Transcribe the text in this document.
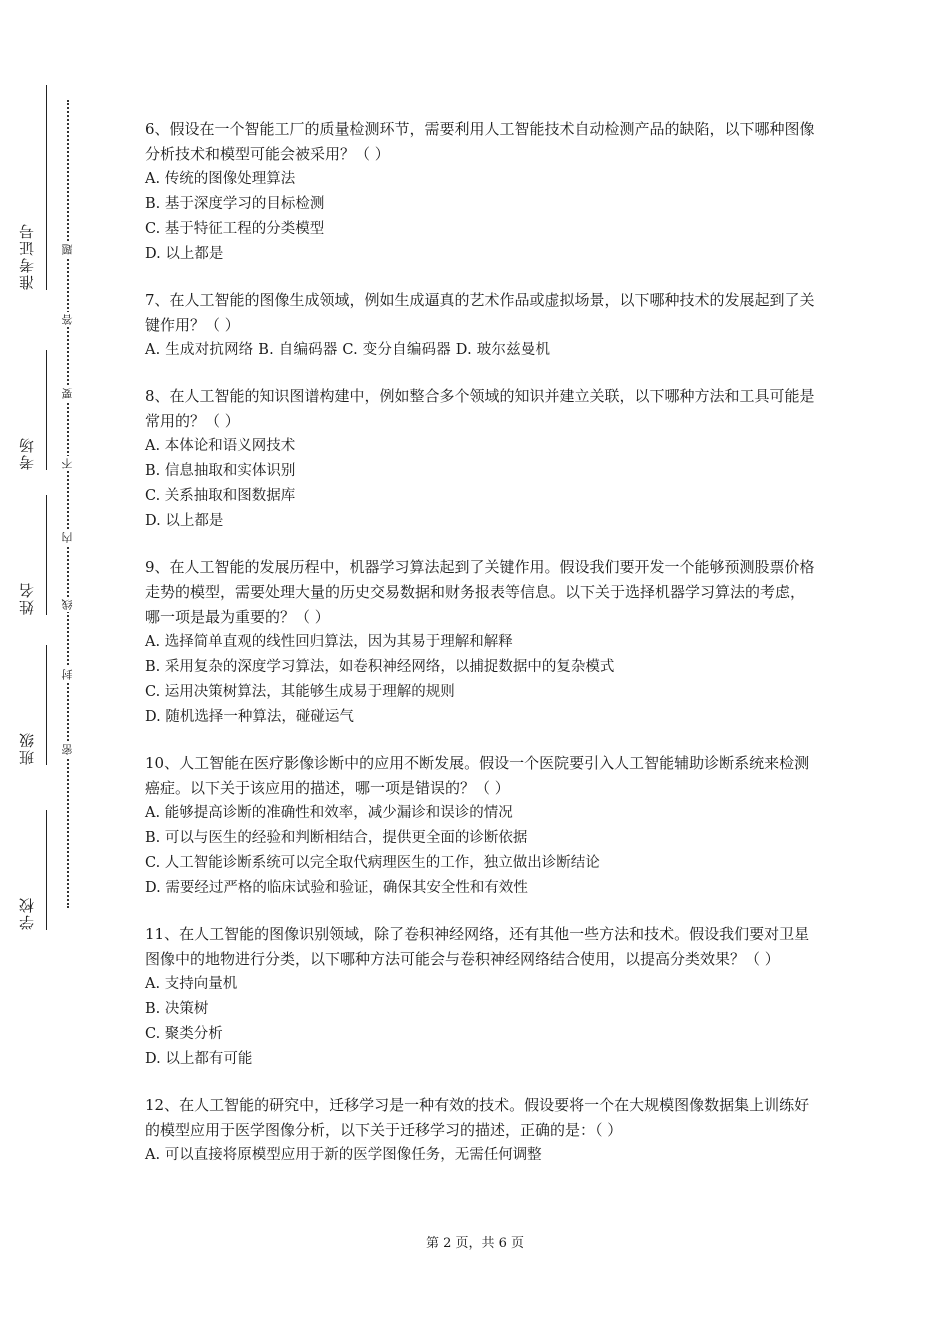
准考证号
考场
姓名
班级
学校
密
封
线
内
不
要
答
题

6、假设在一个智能工厂的质量检测环节，需要利用人工智能技术自动检测产品的缺陷，以下哪种图像分析技术和模型可能会被采用？（ ）

A. 传统的图像处理算法

B. 基于深度学习的目标检测

C. 基于特征工程的分类模型

D. 以上都是

7、在人工智能的图像生成领域，例如生成逼真的艺术作品或虚拟场景，以下哪种技术的发展起到了关键作用？（ ）

A. 生成对抗网络 B. 自编码器 C. 变分自编码器 D. 玻尔兹曼机

8、在人工智能的知识图谱构建中，例如整合多个领域的知识并建立关联，以下哪种方法和工具可能是常用的？（ ）

A. 本体论和语义网技术

B. 信息抽取和实体识别

C. 关系抽取和图数据库

D. 以上都是

9、在人工智能的发展历程中，机器学习算法起到了关键作用。假设我们要开发一个能够预测股票价格走势的模型，需要处理大量的历史交易数据和财务报表等信息。以下关于选择机器学习算法的考虑，哪一项是最为重要的？（ ）

A. 选择简单直观的线性回归算法，因为其易于理解和解释

B. 采用复杂的深度学习算法，如卷积神经网络，以捕捉数据中的复杂模式

C. 运用决策树算法，其能够生成易于理解的规则

D. 随机选择一种算法，碰碰运气

10、人工智能在医疗影像诊断中的应用不断发展。假设一个医院要引入人工智能辅助诊断系统来检测癌症。以下关于该应用的描述，哪一项是错误的？（ ）

A. 能够提高诊断的准确性和效率，减少漏诊和误诊的情况

B. 可以与医生的经验和判断相结合，提供更全面的诊断依据

C. 人工智能诊断系统可以完全取代病理医生的工作，独立做出诊断结论

D. 需要经过严格的临床试验和验证，确保其安全性和有效性

11、在人工智能的图像识别领域，除了卷积神经网络，还有其他一些方法和技术。假设我们要对卫星图像中的地物进行分类，以下哪种方法可能会与卷积神经网络结合使用，以提高分类效果？（ ）

A. 支持向量机

B. 决策树

C. 聚类分析

D. 以上都有可能

12、在人工智能的研究中，迁移学习是一种有效的技术。假设要将一个在大规模图像数据集上训练好的模型应用于医学图像分析，以下关于迁移学习的描述，正确的是：（ ）

A. 可以直接将原模型应用于新的医学图像任务，无需任何调整

第 2 页，共 6 页
